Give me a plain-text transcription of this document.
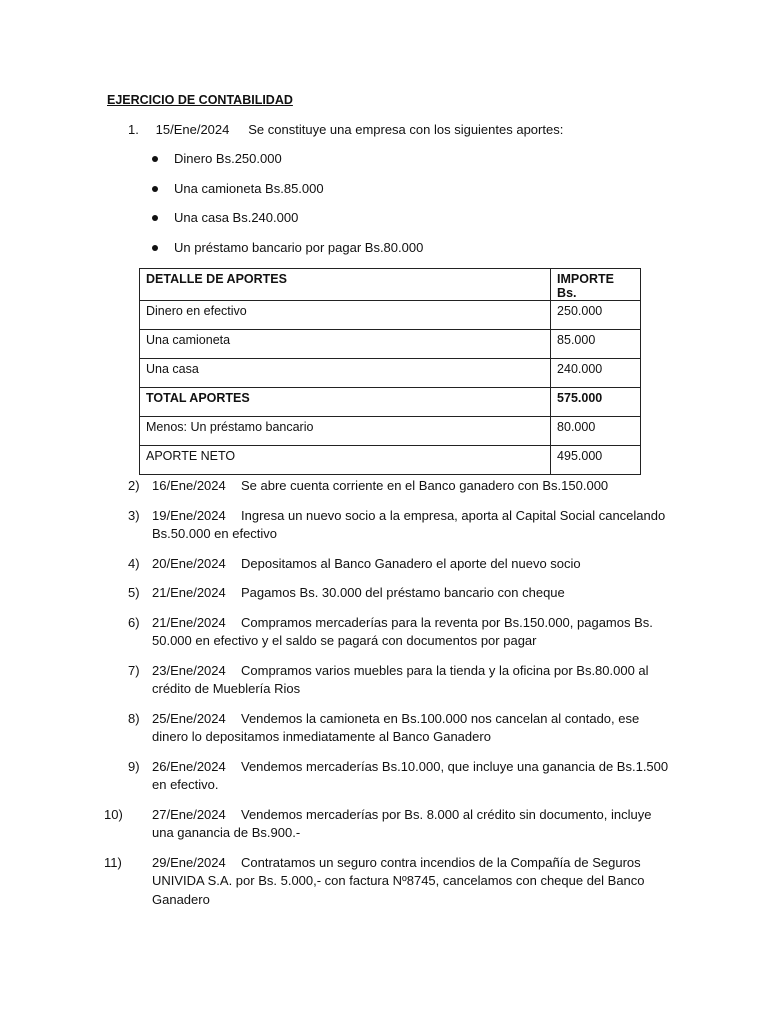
EJERCICIO DE CONTABILIDAD
1. 15/Ene/2024 Se constituye una empresa con los siguientes aportes:
Dinero Bs.250.000
Una camioneta Bs.85.000
Una casa Bs.240.000
Un préstamo bancario por pagar Bs.80.000
DETALLE DE APORTES	IMPORTE Bs.
Dinero en efectivo	250.000
Una camioneta	85.000
Una casa	240.000
TOTAL APORTES	575.000
Menos: Un préstamo bancario	80.000
APORTE NETO	495.000
2) 16/Ene/2024 Se abre cuenta corriente en el Banco ganadero con Bs.150.000
3) 19/Ene/2024 Ingresa un nuevo socio a la empresa, aporta al Capital Social cancelando Bs.50.000 en efectivo
4) 20/Ene/2024 Depositamos al Banco Ganadero el aporte del nuevo socio
5) 21/Ene/2024 Pagamos Bs. 30.000 del préstamo bancario con cheque
6) 21/Ene/2024 Compramos mercaderías para la reventa por Bs.150.000, pagamos Bs. 50.000 en efectivo y el saldo se pagará con documentos por pagar
7) 23/Ene/2024 Compramos varios muebles para la tienda y la oficina por Bs.80.000 al crédito de Mueblería Rios
8) 25/Ene/2024 Vendemos la camioneta en Bs.100.000 nos cancelan al contado, ese dinero lo depositamos inmediatamente al Banco Ganadero
9) 26/Ene/2024 Vendemos mercaderías Bs.10.000, que incluye una ganancia de Bs.1.500 en efectivo.
10) 27/Ene/2024 Vendemos mercaderías por Bs. 8.000 al crédito sin documento, incluye una ganancia de Bs.900.-
11) 29/Ene/2024 Contratamos un seguro contra incendios de la Compañía de Seguros UNIVIDA S.A. por Bs. 5.000,- con factura Nº8745, cancelamos con cheque del Banco Ganadero
